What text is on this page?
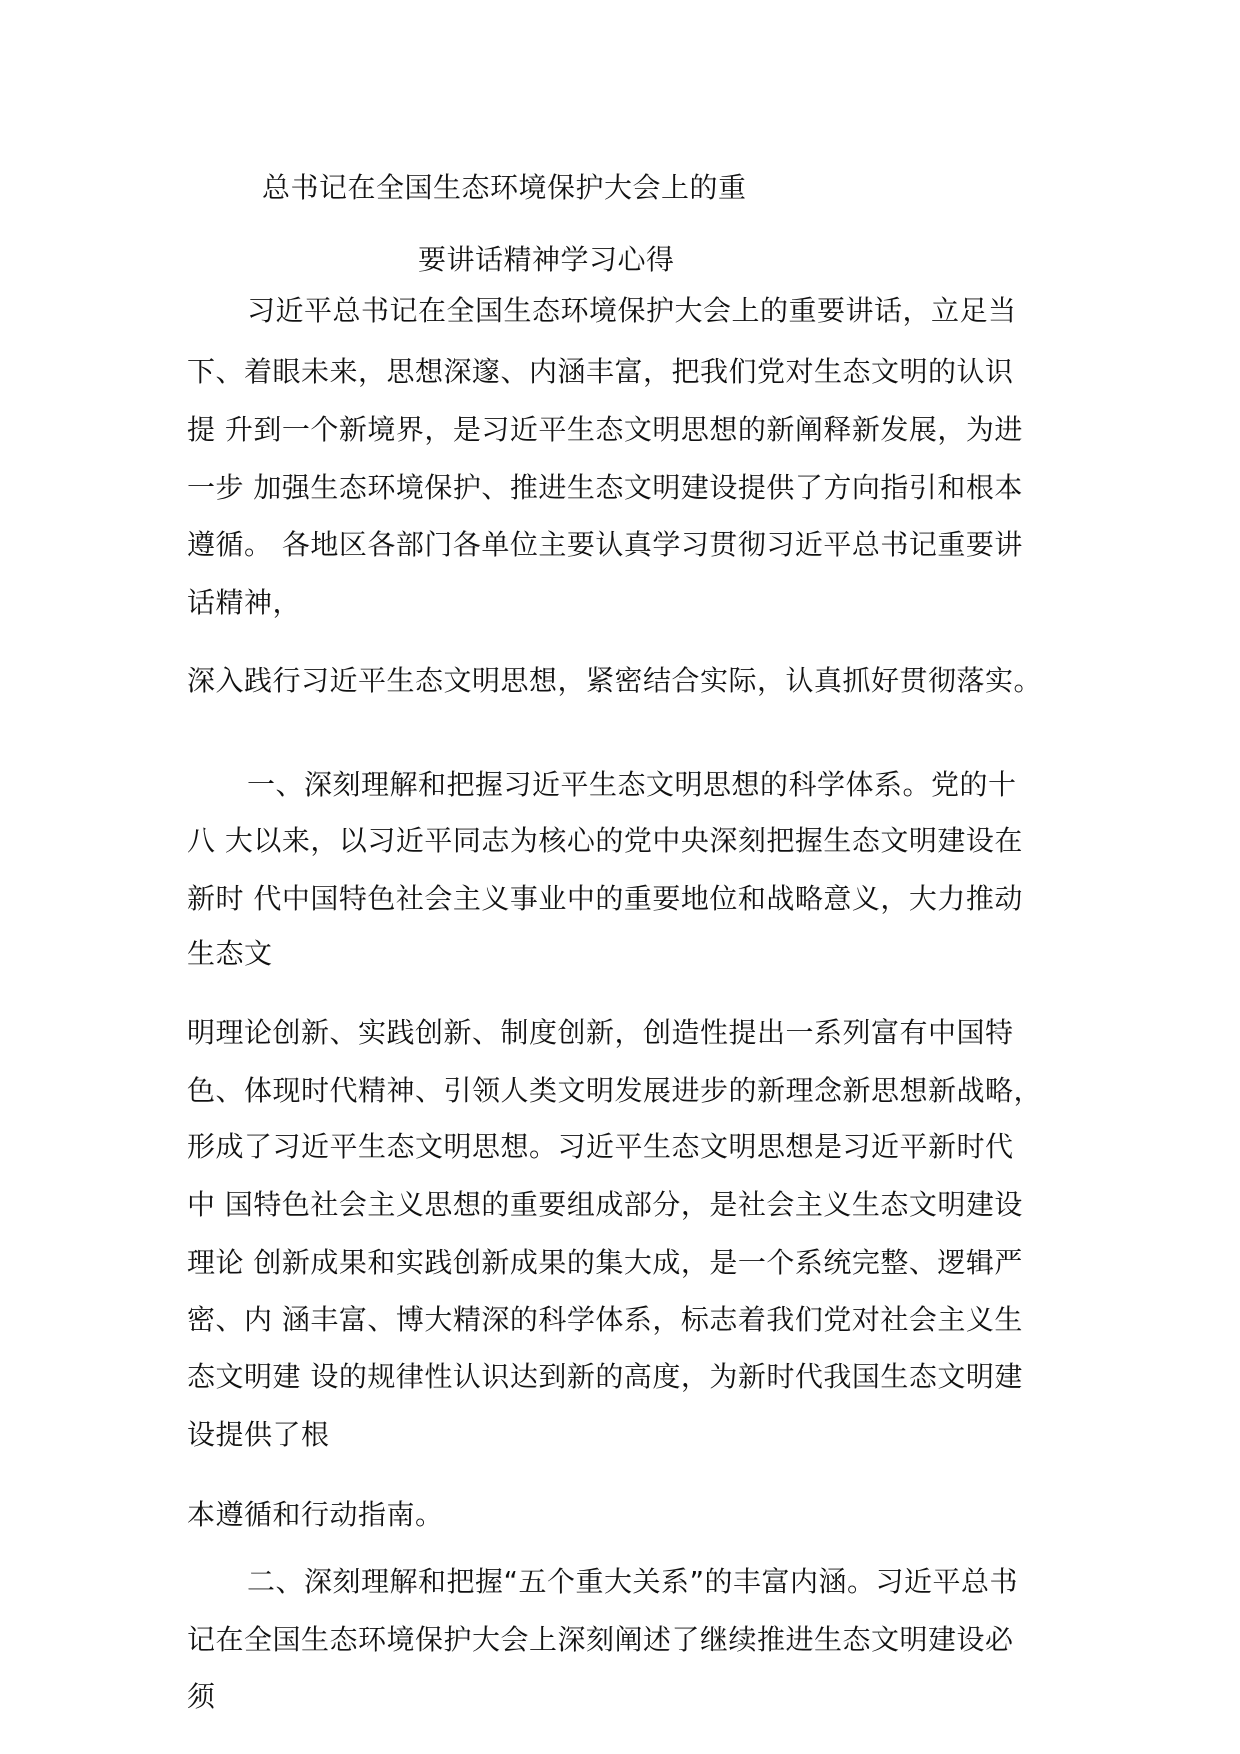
总书记在全国生态环境保护大会上的重
要讲话精神学习心得
习近平总书记在全国生态环境保护大会上的重要讲话，立足当
下、着眼未来，思想深邃、内涵丰富，把我们党对生态文明的认识
提 升到一个新境界，是习近平生态文明思想的新阐释新发展，为进
一步 加强生态环境保护、推进生态文明建设提供了方向指引和根本
遵循。 各地区各部门各单位主要认真学习贯彻习近平总书记重要讲
话精神，
深入践行习近平生态文明思想，紧密结合实际，认真抓好贯彻落实。
一、深刻理解和把握习近平生态文明思想的科学体系。党的十
八 大以来，以习近平同志为核心的党中央深刻把握生态文明建设在
新时 代中国特色社会主义事业中的重要地位和战略意义，大力推动
生态文
明理论创新、实践创新、制度创新，创造性提出一系列富有中国特
色、体现时代精神、引领人类文明发展进步的新理念新思想新战略，
形成了习近平生态文明思想。习近平生态文明思想是习近平新时代
中 国特色社会主义思想的重要组成部分，是社会主义生态文明建设
理论 创新成果和实践创新成果的集大成，是一个系统完整、逻辑严
密、内 涵丰富、博大精深的科学体系，标志着我们党对社会主义生
态文明建 设的规律性认识达到新的高度，为新时代我国生态文明建
设提供了根
本遵循和行动指南。
二、深刻理解和把握“五个重大关系”的丰富内涵。习近平总书
记在全国生态环境保护大会上深刻阐述了继续推进生态文明建设必
须
